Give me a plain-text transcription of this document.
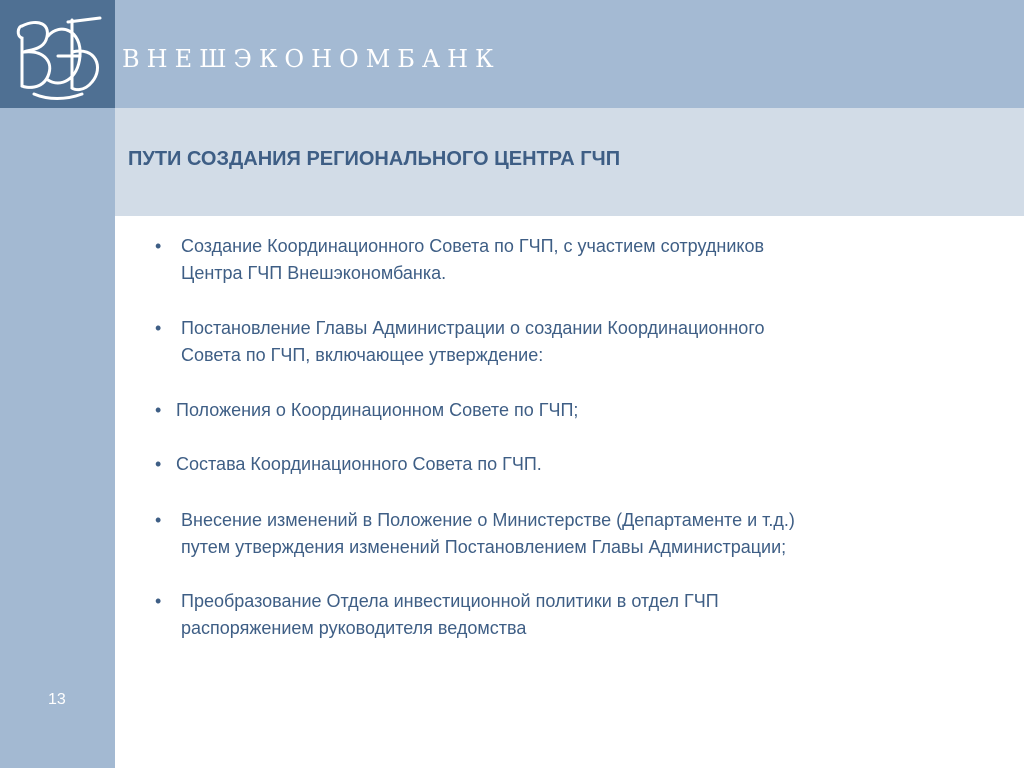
ВНЕШЭКОНОМБАНК
ПУТИ СОЗДАНИЯ РЕГИОНАЛЬНОГО ЦЕНТРА ГЧП
• Создание Координационного Совета по ГЧП, с участием сотрудников
Центра ГЧП Внешэкономбанка.
• Постановление Главы Администрации о создании Координационного
Совета по ГЧП, включающее утверждение:
• Положения о Координационном Совете по ГЧП;
• Состава Координационного Совета по ГЧП.
• Внесение изменений в Положение о Министерстве (Департаменте и т.д.)
путем утверждения изменений Постановлением Главы Администрации;
• Преобразование Отдела инвестиционной политики в отдел ГЧП
распоряжением руководителя ведомства
13
